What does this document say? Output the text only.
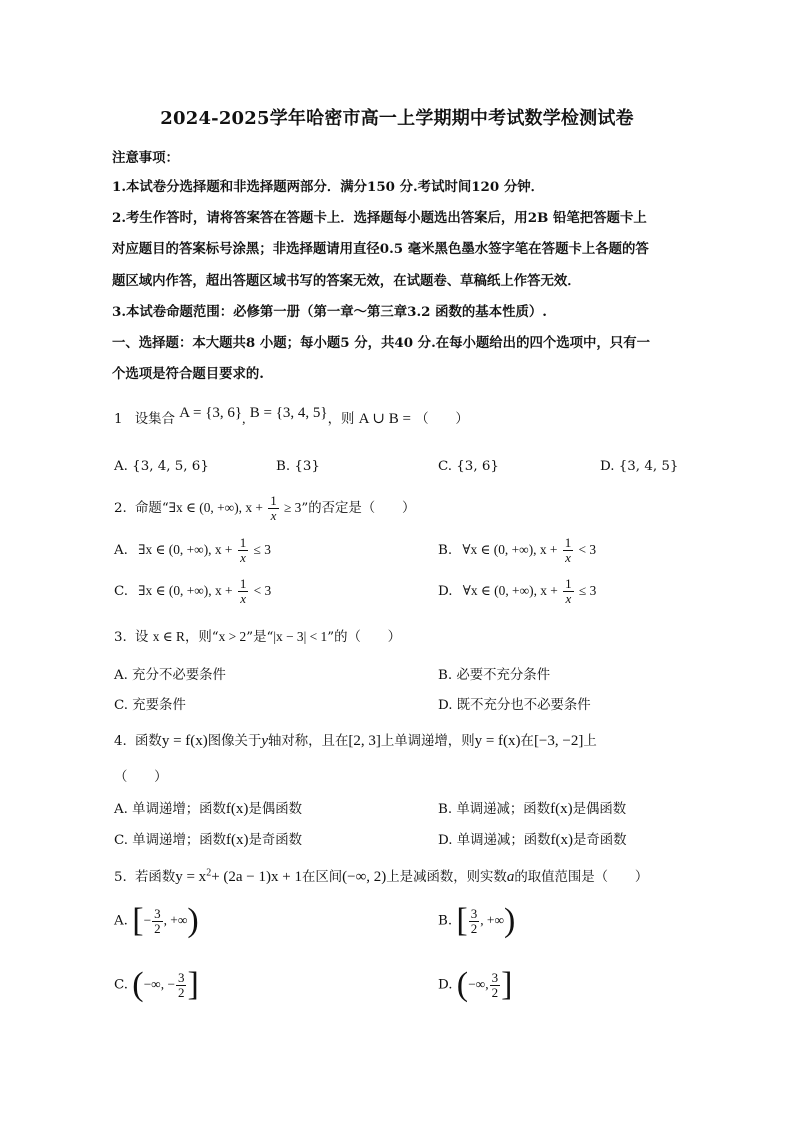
2024-2025学年哈密市高一上学期期中考试数学检测试卷
注意事项：
1.本试卷分选择题和非选择题两部分．满分150 分.考试时间120 分钟．
2.考生作答时，请将答案答在答题卡上．选择题每小题选出答案后，用2B 铅笔把答题卡上
对应题目的答案标号涂黑；非选择题请用直径0.5 毫米黑色墨水签字笔在答题卡上各题的答
题区域内作答，超出答题区域书写的答案无效，在试题卷、草稿纸上作答无效．
3.本试卷命题范围：必修第一册（第一章～第三章3.2 函数的基本性质）.
一、选择题：本大题共8 小题；每小题5 分，共40 分.在每小题给出的四个选项中，只有一
个选项是符合题目要求的.
1 设集合 A = {3, 6}, B = {3, 4, 5}，则 A ∪ B = （　　）
A. {3, 4, 5, 6}	B. {3}	C. {3, 6}	D. {3, 4, 5}
2. 命题“∃x ∈ (0, +∞), $x + \frac{1}{x} \ge 3$”的否定是（　　）
A. ∃x ∈ (0, +∞), $x + \frac{1}{x} \le 3$	B. ∀x ∈ (0, +∞), $x + \frac{1}{x} < 3$
C. ∃x ∈ (0, +∞), $x + \frac{1}{x} < 3$	D. ∀x ∈ (0, +∞), $x + \frac{1}{x} \le 3$
3. 设 x ∈ R，则“x > 2”是“|x − 3| < 1”的（　　）
A. 充分不必要条件	B. 必要不充分条件
C. 充要条件	D. 既不充分也不必要条件
4. 函数y = f(x)图像关于y轴对称，且在[2, 3]上单调递增，则y = f(x)在[−3, −2]上
（　　）
A. 单调递增；函数f(x)是偶函数	B. 单调递减；函数f(x)是偶函数
C. 单调递增；函数f(x)是奇函数	D. 单调递减；函数f(x)是奇函数
5. 若函数$y = x^2+ (2a - 1)x + 1$在区间(−∞, 2)上是减函数，则实数a的取值范围是（　　）
A. [− $\frac{3}{2}$ , +∞)	B. [ $\frac{3}{2}$ , +∞)
C. (−∞, − $\frac{3}{2}$ ]	D. (−∞, $\frac{3}{2}$ ]
